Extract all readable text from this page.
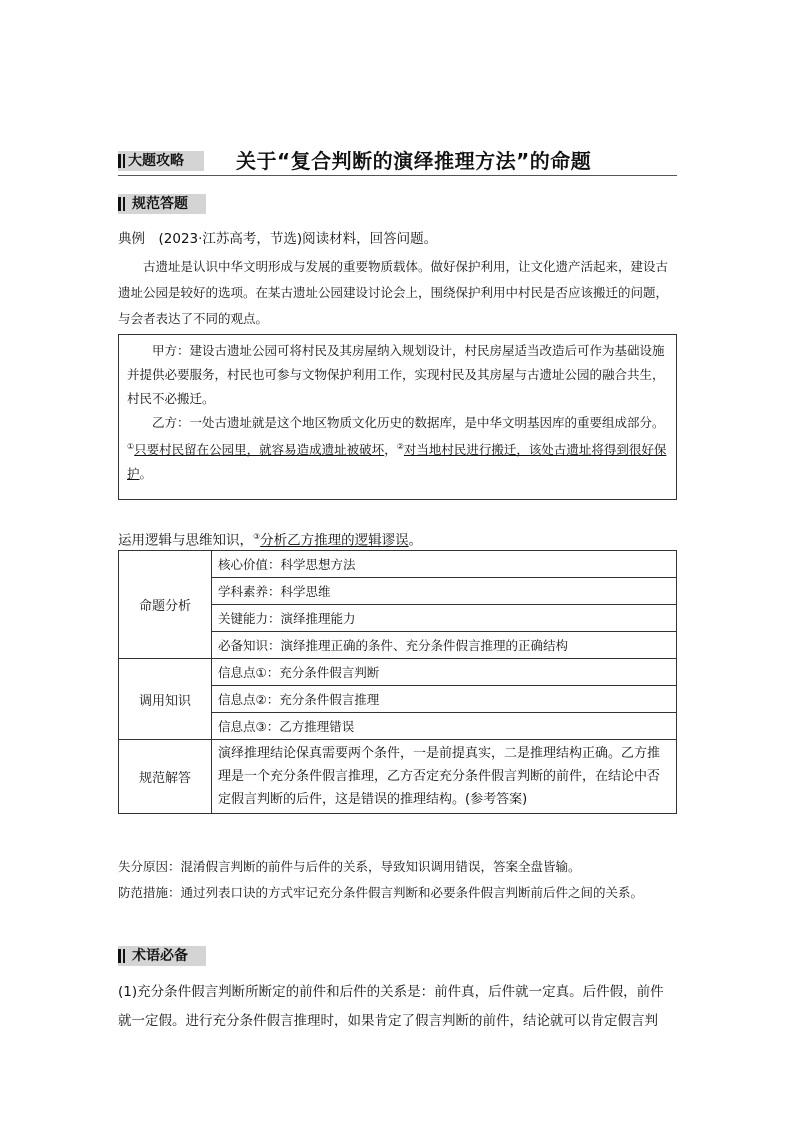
大题攻略	关于“复合判断的演绎推理方法”的命题
规范答题
典例　(2023·江苏高考，节选)阅读材料，回答问题。
古遗址是认识中华文明形成与发展的重要物质载体。做好保护利用，让文化遗产活起来，建设古遗址公园是较好的选项。在某古遗址公园建设讨论会上，围绕保护利用中村民是否应该搬迁的问题，与会者表达了不同的观点。

甲方：建设古遗址公园可将村民及其房屋纳入规划设计，村民房屋适当改造后可作为基础设施并提供必要服务，村民也可参与文物保护利用工作，实现村民及其房屋与古遗址公园的融合共生，村民不必搬迁。

乙方：一处古遗址就是这个地区物质文化历史的数据库，是中华文明基因库的重要组成部分。①只要村民留在公园里，就容易造成遗址被破坏，②对当地村民进行搬迁，该处古遗址将得到很好保护。

运用逻辑与思维知识，③分析乙方推理的逻辑谬误。
命题分析	核心价值：科学思想方法
	学科素养：科学思维
	关键能力：演绎推理能力
	必备知识：演绎推理正确的条件、充分条件假言推理的正确结构
调用知识	信息点①：充分条件假言判断
	信息点②：充分条件假言推理
	信息点③：乙方推理错误
规范解答	演绎推理结论保真需要两个条件，一是前提真实，二是推理结构正确。乙方推理是一个充分条件假言推理，乙方否定充分条件假言判断的前件，在结论中否定假言判断的后件，这是错误的推理结构。(参考答案)
失分原因：混淆假言判断的前件与后件的关系，导致知识调用错误，答案全盘皆输。
防范措施：通过列表口诀的方式牢记充分条件假言判断和必要条件假言判断前后件之间的关系。
术语必备
(1)充分条件假言判断所断定的前件和后件的关系是：前件真，后件就一定真。后件假，前件就一定假。进行充分条件假言推理时，如果肯定了假言判断的前件，结论就可以肯定假言判
